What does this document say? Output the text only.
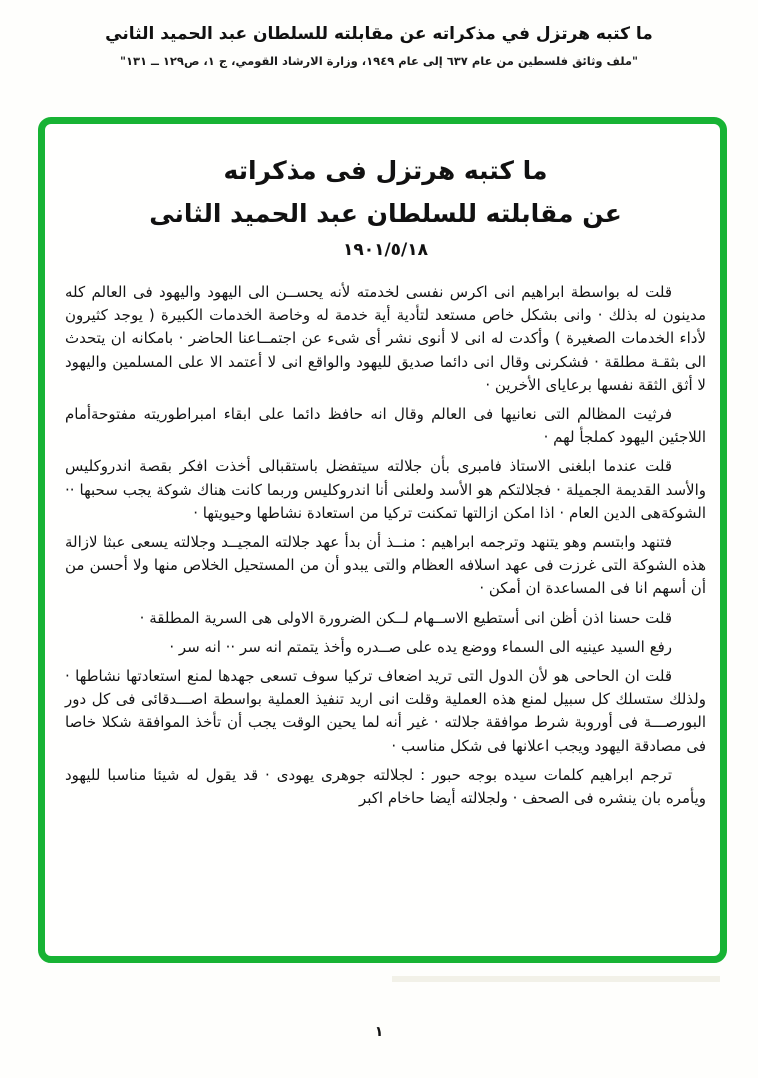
ما كتبه هرتزل في مذكراته عن مقابلته للسلطان عبد الحميد الثاني
"ملف وثائق فلسطين من عام ٦٣٧ إلى عام ١٩٤٩، وزارة الارشاد القومي، ج ١، ص١٢٩ ــ ١٣١"
ما كتبه هرتزل فى مذكراته
عن مقابلته للسلطان عبد الحميد الثانى
١٩٠١/٥/١٨

قلت له بواسطة ابراهيم انى اكرس نفسى لخدمته لأنه يحســن الى اليهود واليهود فى العالم كله مدينون له بذلك · وانى بشكل خاص مستعد لتأدية أية خدمة له وخاصة الخدمات الكبيرة ( يوجد كثيرون لأداء الخدمات الصغيرة ) وأكدت له انى لا أنوى نشر أى شىء عن اجتمــاعنا الحاضر · بامكانه ان يتحدث الى بثقـة مطلقة · فشكرنى وقال انى دائما صديق لليهود والواقع انى لا أعتمد الا على المسلمين واليهود لا أثق الثقة نفسها برعاياى الأخرين ·

فرثيت المظالم التى نعانيها فى العالم وقال انه حافظ دائما على ابقاء امبراطوريته مفتوحةأمام اللاجئين اليهود كملجأ لهم ·

قلت عندما ابلغنى الاستاذ فامبرى بأن جلالته سيتفضل باستقبالى أخذت افكر بقصة اندروكليس والأسد القديمة الجميلة · فجلالتكم هو الأسد ولعلنى أنا اندروكليس وربما كانت هناك شوكة يجب سحبها ·· الشوكةهى الدين العام · اذا امكن ازالتها تمكنت تركيا من استعادة نشاطها وحيويتها ·

فتنهد وابتسم وهو يتنهد وترجمه ابراهيم : منــذ أن بدأ عهد جلالته المجيــد وجلالته يسعى عبثا لازالة هذه الشوكة التى غرزت فى عهد اسلافه العظام والتى يبدو أن من المستحيل الخلاص منها ولا أحسن من أن أسهم انا فى المساعدة ان أمكن ·

قلت حسنا اذن أظن انى أستطيع الاســهام لــكن الضرورة الاولى هى السرية المطلقة ·

رفع السيد عينيه الى السماء ووضع يده على صــدره وأخذ يتمتم انه سر ·· انه سر ·

قلت ان الحاحى هو لأن الدول التى تريد اضعاف تركيا سوف تسعى جهدها لمنع استعادتها نشاطها · ولذلك ستسلك كل سبيل لمنع هذه العملية وقلت انى اريد تنفيذ العملية بواسطة اصـــدقائى فى كل دور البورصـــة فى أوروبة شرط موافقة جلالته · غير أنه لما يحين الوقت يجب أن تأخذ الموافقة شكلا خاصا فى مصادقة اليهود ويجب اعلانها فى شكل مناسب ·

ترجم ابراهيم كلمات سيده بوجه حبور : لجلالته جوهرى يهودى · قد يقول له شيئا مناسبا لليهود ويأمره بان ينشره فى الصحف · ولجلالته أيضا حاخام اكبر

١
